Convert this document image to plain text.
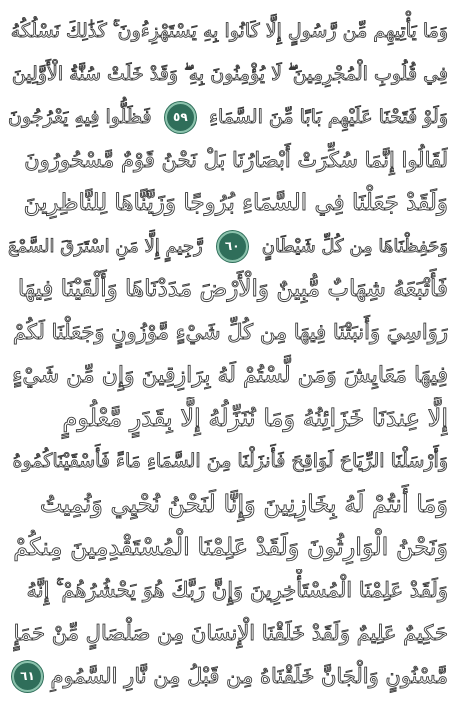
وَمَا يَأْتِيهِم مِّن رَّسُولٍ إِلَّا كَانُوا بِهِ يَسْتَهْزِءُونَ ۚ كَذَٰلِكَ نَسْلُكُهُ
فِي قُلُوبِ الْمُجْرِمِينَ ۖ لَا يُؤْمِنُونَ بِهِ ۖ وَقَدْ خَلَتْ سُنَّةُ الْأَوَّلِينَ
وَلَوْ فَتَحْنَا عَلَيْهِم بَابًا مِّنَ السَّمَاءِ
٥٩
فَظَلُّوا فِيهِ يَعْرُجُونَ
لَقَالُوا إِنَّمَا سُكِّرَتْ أَبْصَارُنَا بَلْ نَحْنُ قَوْمٌ مَّسْحُورُونَ
وَلَقَدْ جَعَلْنَا فِي السَّمَاءِ بُرُوجًا وَزَيَّنَّاهَا لِلنَّاظِرِينَ
وَحَفِظْنَاهَا مِن كُلِّ شَيْطَانٍ
٦٠
رَّجِيمٍ إِلَّا مَنِ اسْتَرَقَ السَّمْعَ
فَأَتْبَعَهُ شِهَابٌ مُّبِينٌ وَالْأَرْضَ مَدَدْنَاهَا وَأَلْقَيْنَا فِيهَا
رَوَاسِيَ وَأَنبَتْنَا فِيهَا مِن كُلِّ شَيْءٍ مَّوْزُونٍ وَجَعَلْنَا لَكُمْ
فِيهَا مَعَايِشَ وَمَن لَّسْتُمْ لَهُ بِرَازِقِينَ وَإِن مِّن شَيْءٍ
إِلَّا عِندَنَا خَزَائِنُهُ وَمَا نُنَزِّلُهُ إِلَّا بِقَدَرٍ مَّعْلُومٍ
وَأَرْسَلْنَا الرِّيَاحَ لَوَاقِحَ فَأَنزَلْنَا مِنَ السَّمَاءِ مَاءً فَأَسْقَيْنَاكُمُوهُ
وَمَا أَنتُمْ لَهُ بِخَازِنِينَ وَإِنَّا لَنَحْنُ نُحْيِي وَنُمِيتُ
وَنَحْنُ الْوَارِثُونَ وَلَقَدْ عَلِمْنَا الْمُسْتَقْدِمِينَ مِنكُمْ
وَلَقَدْ عَلِمْنَا الْمُسْتَأْخِرِينَ وَإِنَّ رَبَّكَ هُوَ يَحْشُرُهُمْ ۚ إِنَّهُ
حَكِيمٌ عَلِيمٌ وَلَقَدْ خَلَقْنَا الْإِنسَانَ مِن صَلْصَالٍ مِّنْ حَمَإٍ
مَّسْنُونٍ وَالْجَانَّ خَلَقْنَاهُ مِن قَبْلُ مِن نَّارِ السَّمُومِ
٦١
